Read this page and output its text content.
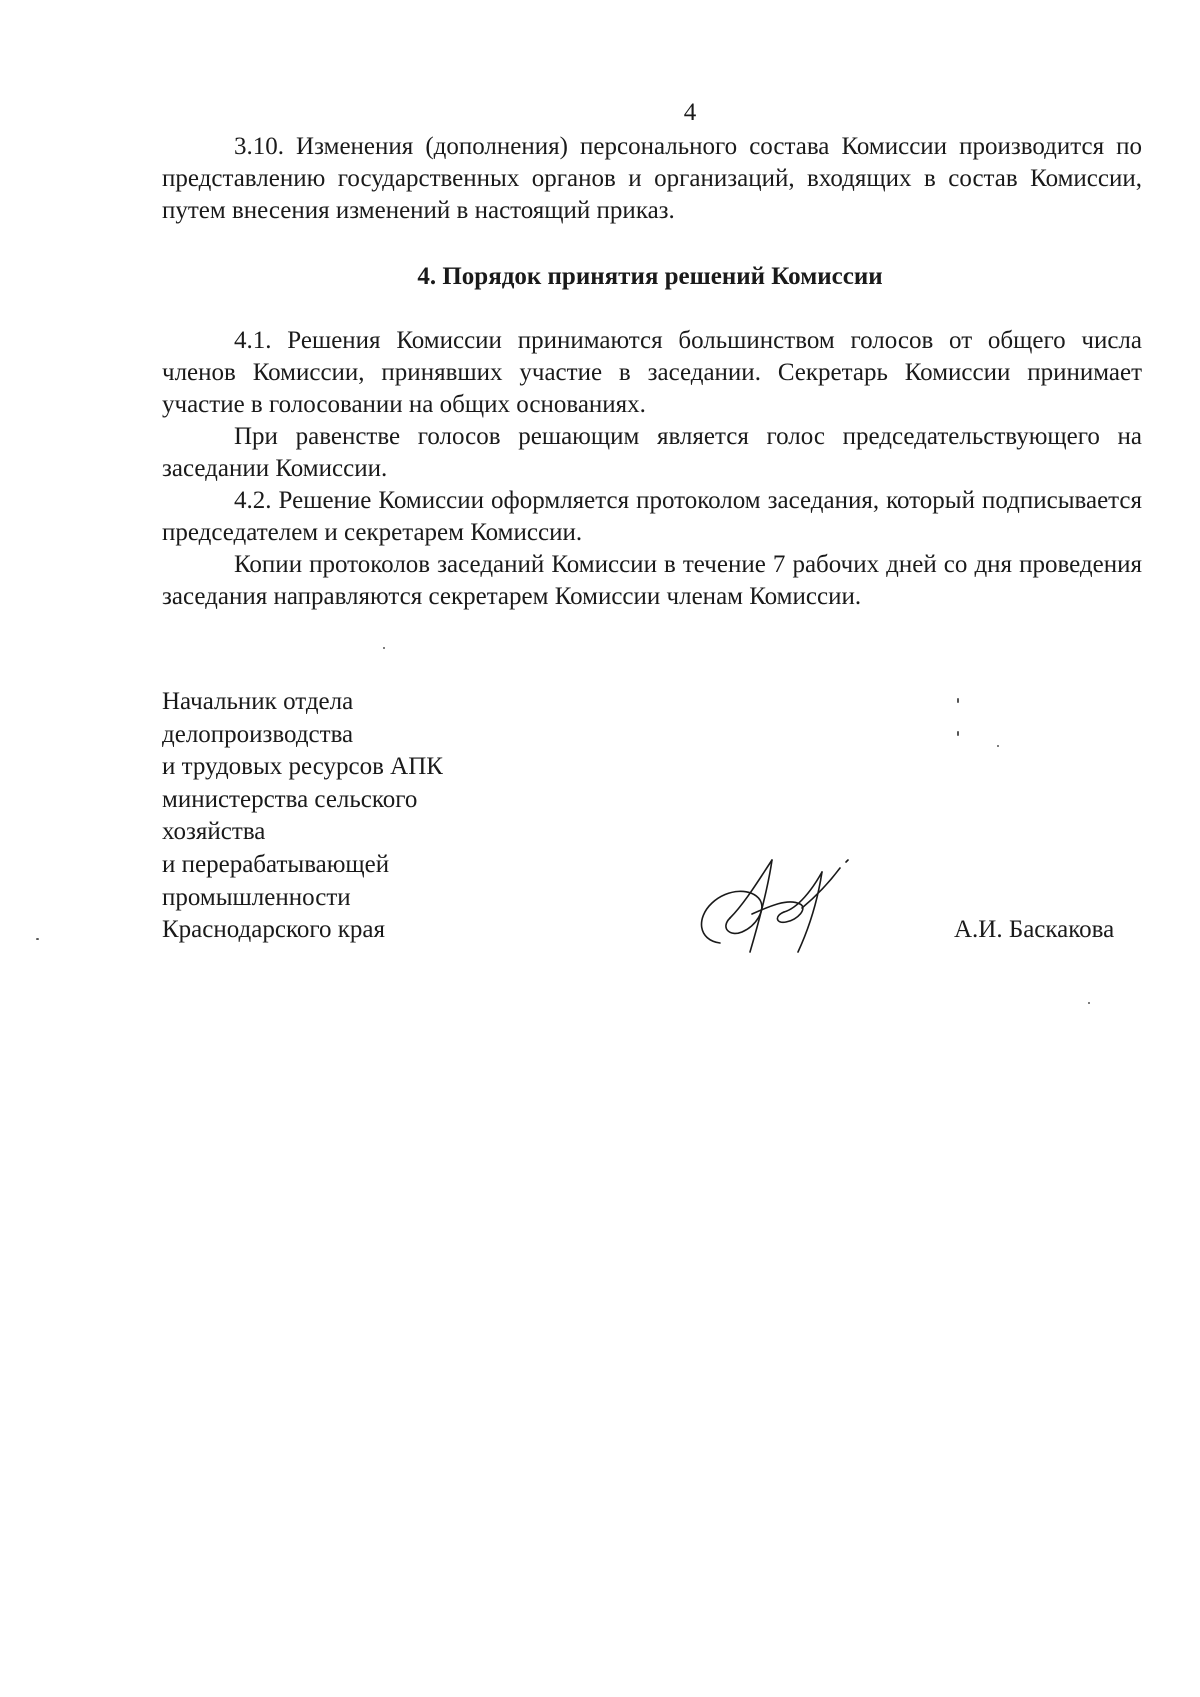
4

3.10. Изменения (дополнения) персонального состава Комиссии производится по представлению государственных органов и организаций, входящих в состав Комиссии, путем внесения изменений в настоящий приказ.

4. Порядок принятия решений Комиссии

4.1. Решения Комиссии принимаются большинством голосов от общего числа членов Комиссии, принявших участие в заседании. Секретарь Комиссии принимает участие в голосовании на общих основаниях.

При равенстве голосов решающим является голос председательствующего на заседании Комиссии.

4.2. Решение Комиссии оформляется протоколом заседания, который подписывается председателем и секретарем Комиссии.

Копии протоколов заседаний Комиссии в течение 7 рабочих дней со дня проведения заседания направляются секретарем Комиссии членам Комиссии.

Начальник отдела
делопроизводства
и трудовых ресурсов АПК
министерства сельского
хозяйства
и перерабатывающей
промышленности
Краснодарского края	А.И. Баскакова
